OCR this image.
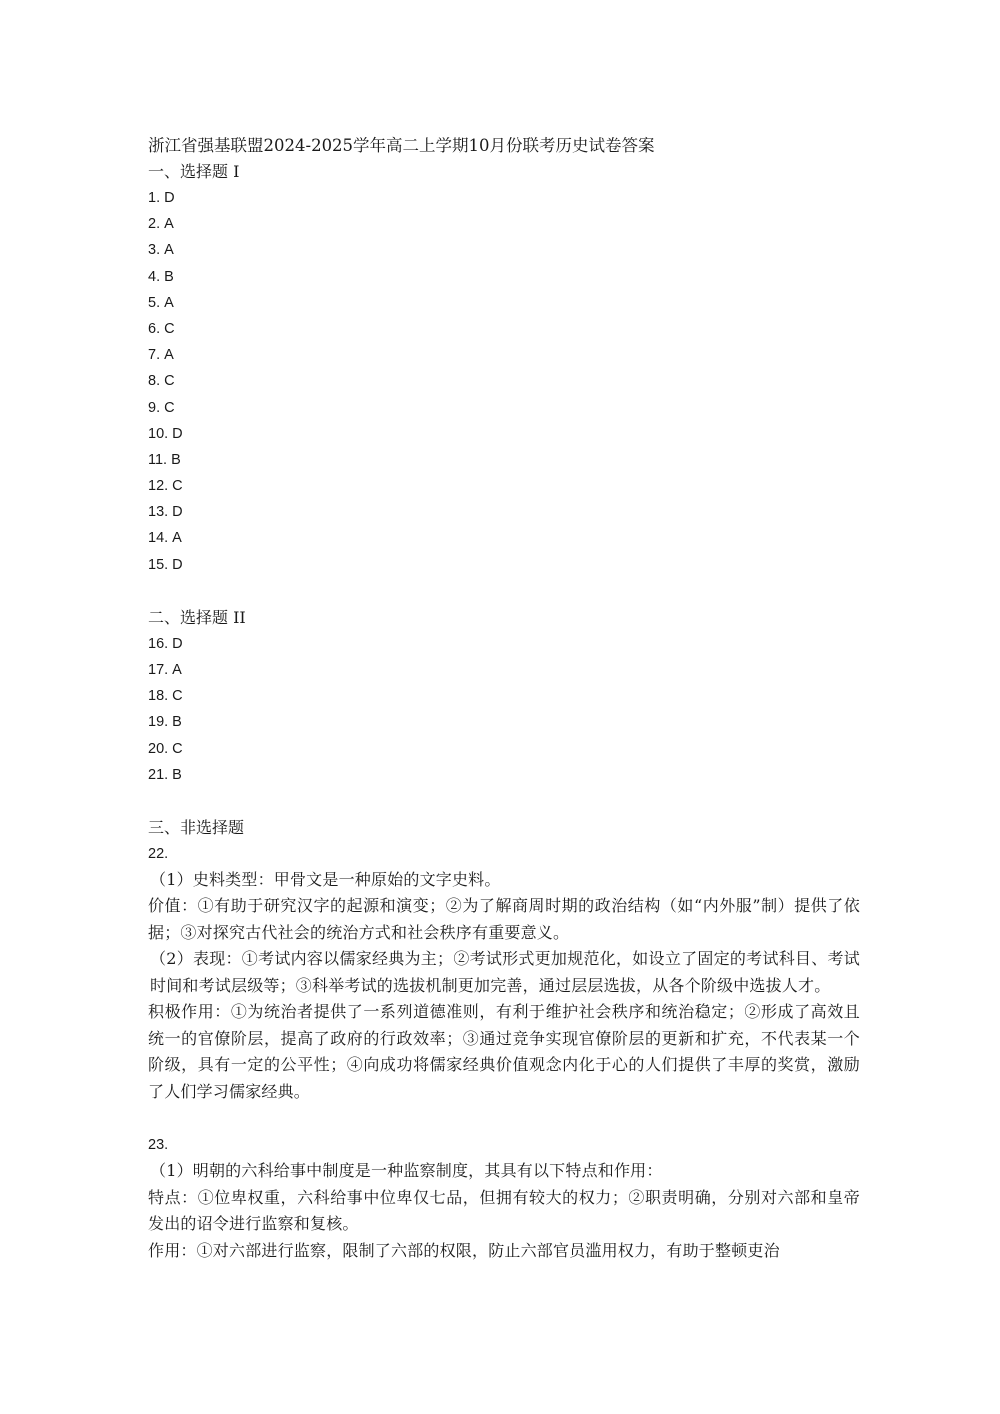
浙江省强基联盟2024-2025学年高二上学期10月份联考历史试卷答案

一、选择题 I

1. D
2. A
3. A
4. B
5. A
6. C
7. A
8. C
9. C
10. D
11. B
12. C
13. D
14. A
15. D

二、选择题 II

16. D
17. A
18. C
19. B
20. C
21. B

三、非选择题

22.

（1）史料类型：甲骨文是一种原始的文字史料。

价值：①有助于研究汉字的起源和演变；②为了解商周时期的政治结构（如“内外服”制）提供了依据；③对探究古代社会的统治方式和社会秩序有重要意义。

（2）表现：①考试内容以儒家经典为主；②考试形式更加规范化，如设立了固定的考试科目、考试时间和考试层级等；③科举考试的选拔机制更加完善，通过层层选拔，从各个阶级中选拔人才。

积极作用：①为统治者提供了一系列道德准则，有利于维护社会秩序和统治稳定；②形成了高效且统一的官僚阶层，提高了政府的行政效率；③通过竞争实现官僚阶层的更新和扩充，不代表某一个阶级，具有一定的公平性；④向成功将儒家经典价值观念内化于心的人们提供了丰厚的奖赏，激励了人们学习儒家经典。

23.

（1）明朝的六科给事中制度是一种监察制度，其具有以下特点和作用：

特点：①位卑权重，六科给事中位卑仅七品，但拥有较大的权力；②职责明确，分别对六部和皇帝发出的诏令进行监察和复核。

作用：①对六部进行监察，限制了六部的权限，防止六部官员滥用权力，有助于整顿吏治
